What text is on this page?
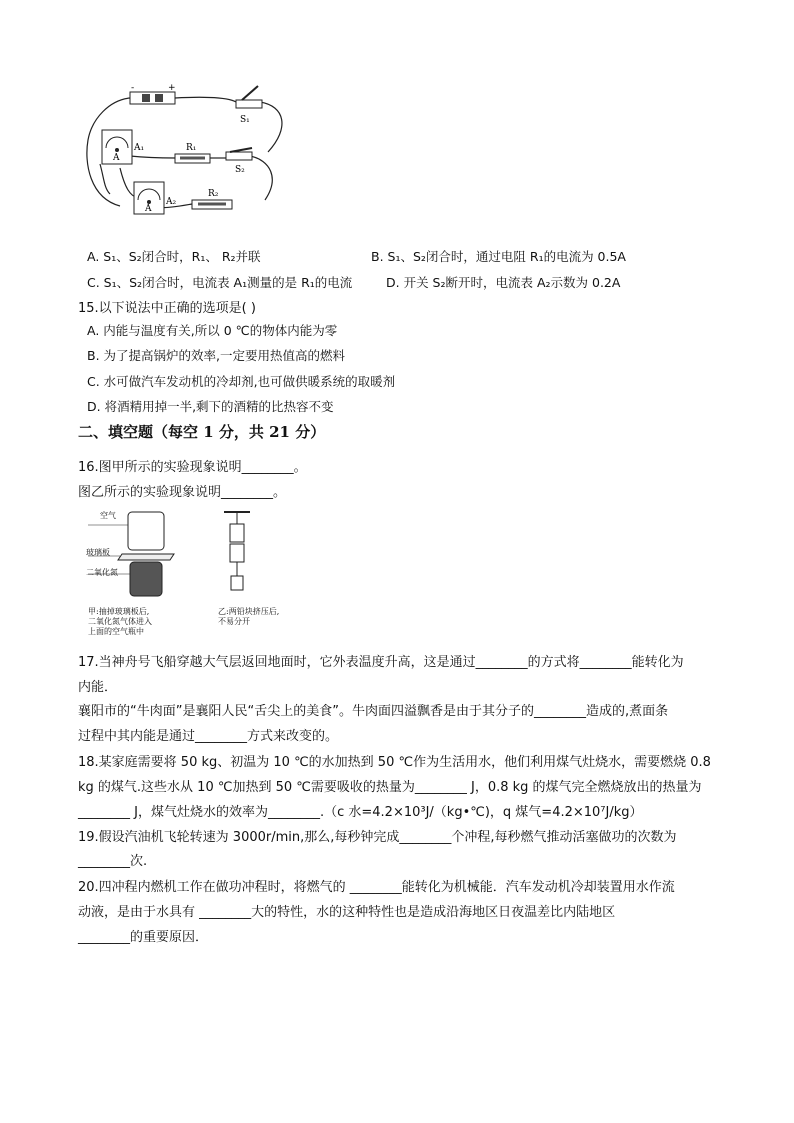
-	+
S₁
A
A₁	R₁
S₂
A
A₂
R₂
A. S₁、S₂闭合时，R₁、 R₂并联	B. S₁、S₂闭合时，通过电阻 R₁的电流为 0.5A
C. S₁、S₂闭合时，电流表 A₁测量的是 R₁的电流	D. 开关 S₂断开时，电流表 A₂示数为 0.2A
15.以下说法中正确的选项是( )
A. 内能与温度有关,所以 0 ℃的物体内能为零
B. 为了提高锅炉的效率,一定要用热值高的燃料
C. 水可做汽车发动机的冷却剂,也可做供暖系统的取暖剂
D. 将酒精用掉一半,剩下的酒精的比热容不变
二、填空题（每空 1 分，共 21 分）
16.图甲所示的实验现象说明________。
图乙所示的实验现象说明________。
空气
玻璃板
二氧化氮
甲:抽掉玻璃板后,
二氧化氮气体进入
上面的空气瓶中
乙:两铅块挤压后,
不易分开
17.当神舟号飞船穿越大气层返回地面时，它外表温度升高，这是通过________的方式将________能转化为
内能．
襄阳市的“牛肉面”是襄阳人民“舌尖上的美食”。牛肉面四溢飘香是由于其分子的________造成的,煮面条
过程中其内能是通过________方式来改变的。
18.某家庭需要将 50 kg、初温为 10 ℃的水加热到 50 ℃作为生活用水，他们利用煤气灶烧水，需要燃烧 0.8
kg 的煤气.这些水从 10 ℃加热到 50 ℃需要吸收的热量为________ J，0.8 kg 的煤气完全燃烧放出的热量为
________ J，煤气灶烧水的效率为________.（c 水=4.2×10³J/（kg•℃)，q 煤气=4.2×10⁷J/kg）
19.假设汽油机飞轮转速为 3000r/min,那么,每秒钟完成________个冲程,每秒燃气推动活塞做功的次数为
________次.
20.四冲程内燃机工作在做功冲程时，将燃气的 ________能转化为机械能．汽车发动机冷却装置用水作流
动液，是由于水具有 ________大的特性，水的这种特性也是造成沿海地区日夜温差比内陆地区
________的重要原因．
